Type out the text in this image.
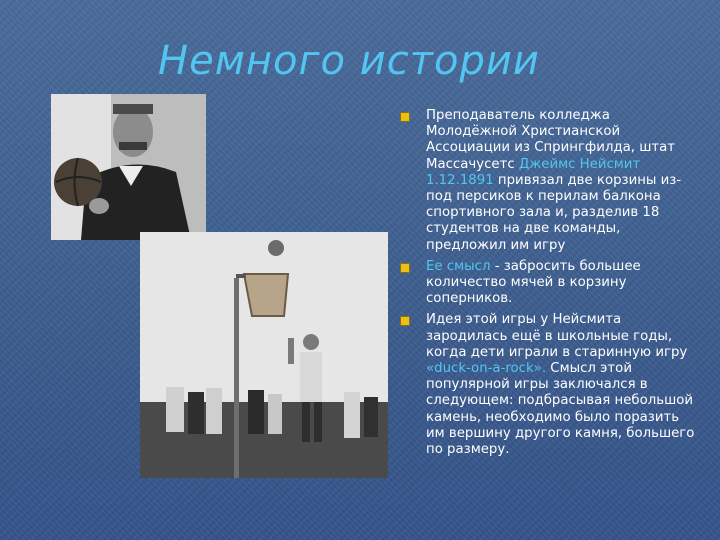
Немного истории
Преподаватель колледжа Молодёжной Христианской Ассоциации из Спрингфилда, штат Массачусетс Джеймс Нейсмит 1.12.1891 привязал две корзины из-под персиков к перилам балкона спортивного зала и, разделив 18 студентов на две команды, предложил им игру
Ее смысл - забросить большее количество мячей в корзину соперников.
Идея этой игры у Нейсмита зародилась ещё в школьные годы, когда дети играли в старинную игру «duck-on-a-rock». Смысл этой популярной игры заключался в следующем: подбрасывая небольшой камень, необходимо было поразить им вершину другого камня, большего по размеру.
